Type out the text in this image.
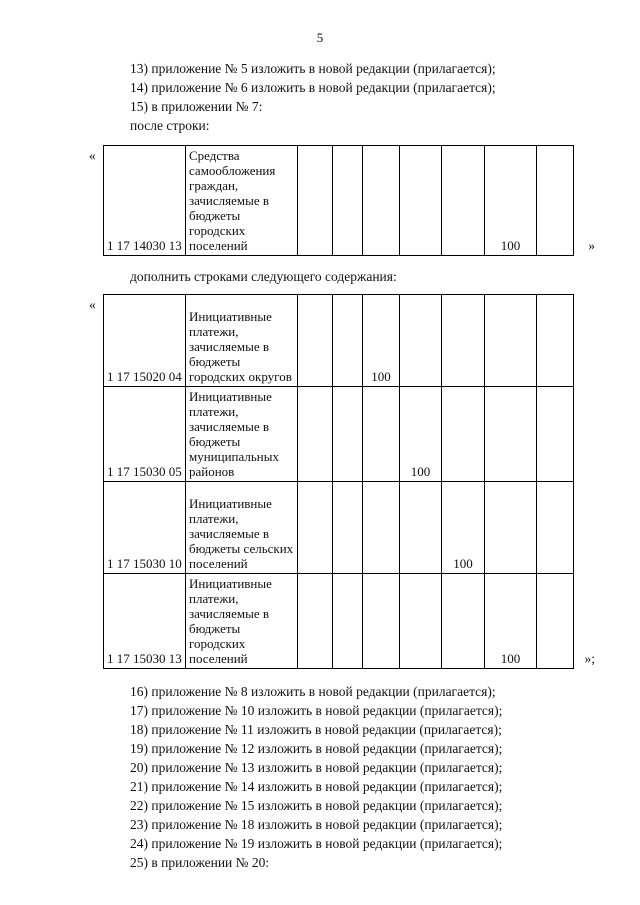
5

13) приложение № 5 изложить в новой редакции (прилагается);

14) приложение № 6 изложить в новой редакции (прилагается);

15) в приложении № 7:

после строки:

«
1 17 14030 13	Средства самообложения граждан, зачисляемые в бюджеты городских поселений						100		»

дополнить строками следующего содержания:

«
1 17 15020 04	Инициативные платежи, зачисляемые в бюджеты городских округов			100				
1 17 15030 05	Инициативные платежи, зачисляемые в бюджеты муниципальных районов				100			
1 17 15030 10	Инициативные платежи, зачисляемые в бюджеты сельских поселений					100		
1 17 15030 13	Инициативные платежи, зачисляемые в бюджеты городских поселений						100		»;

16) приложение № 8 изложить в новой редакции (прилагается);

17) приложение № 10 изложить в новой редакции (прилагается);

18) приложение № 11 изложить в новой редакции (прилагается);

19) приложение № 12 изложить в новой редакции (прилагается);

20) приложение № 13 изложить в новой редакции (прилагается);

21) приложение № 14 изложить в новой редакции (прилагается);

22) приложение № 15 изложить в новой редакции (прилагается);

23) приложение № 18 изложить в новой редакции (прилагается);

24) приложение № 19 изложить в новой редакции (прилагается);

25) в приложении № 20:
